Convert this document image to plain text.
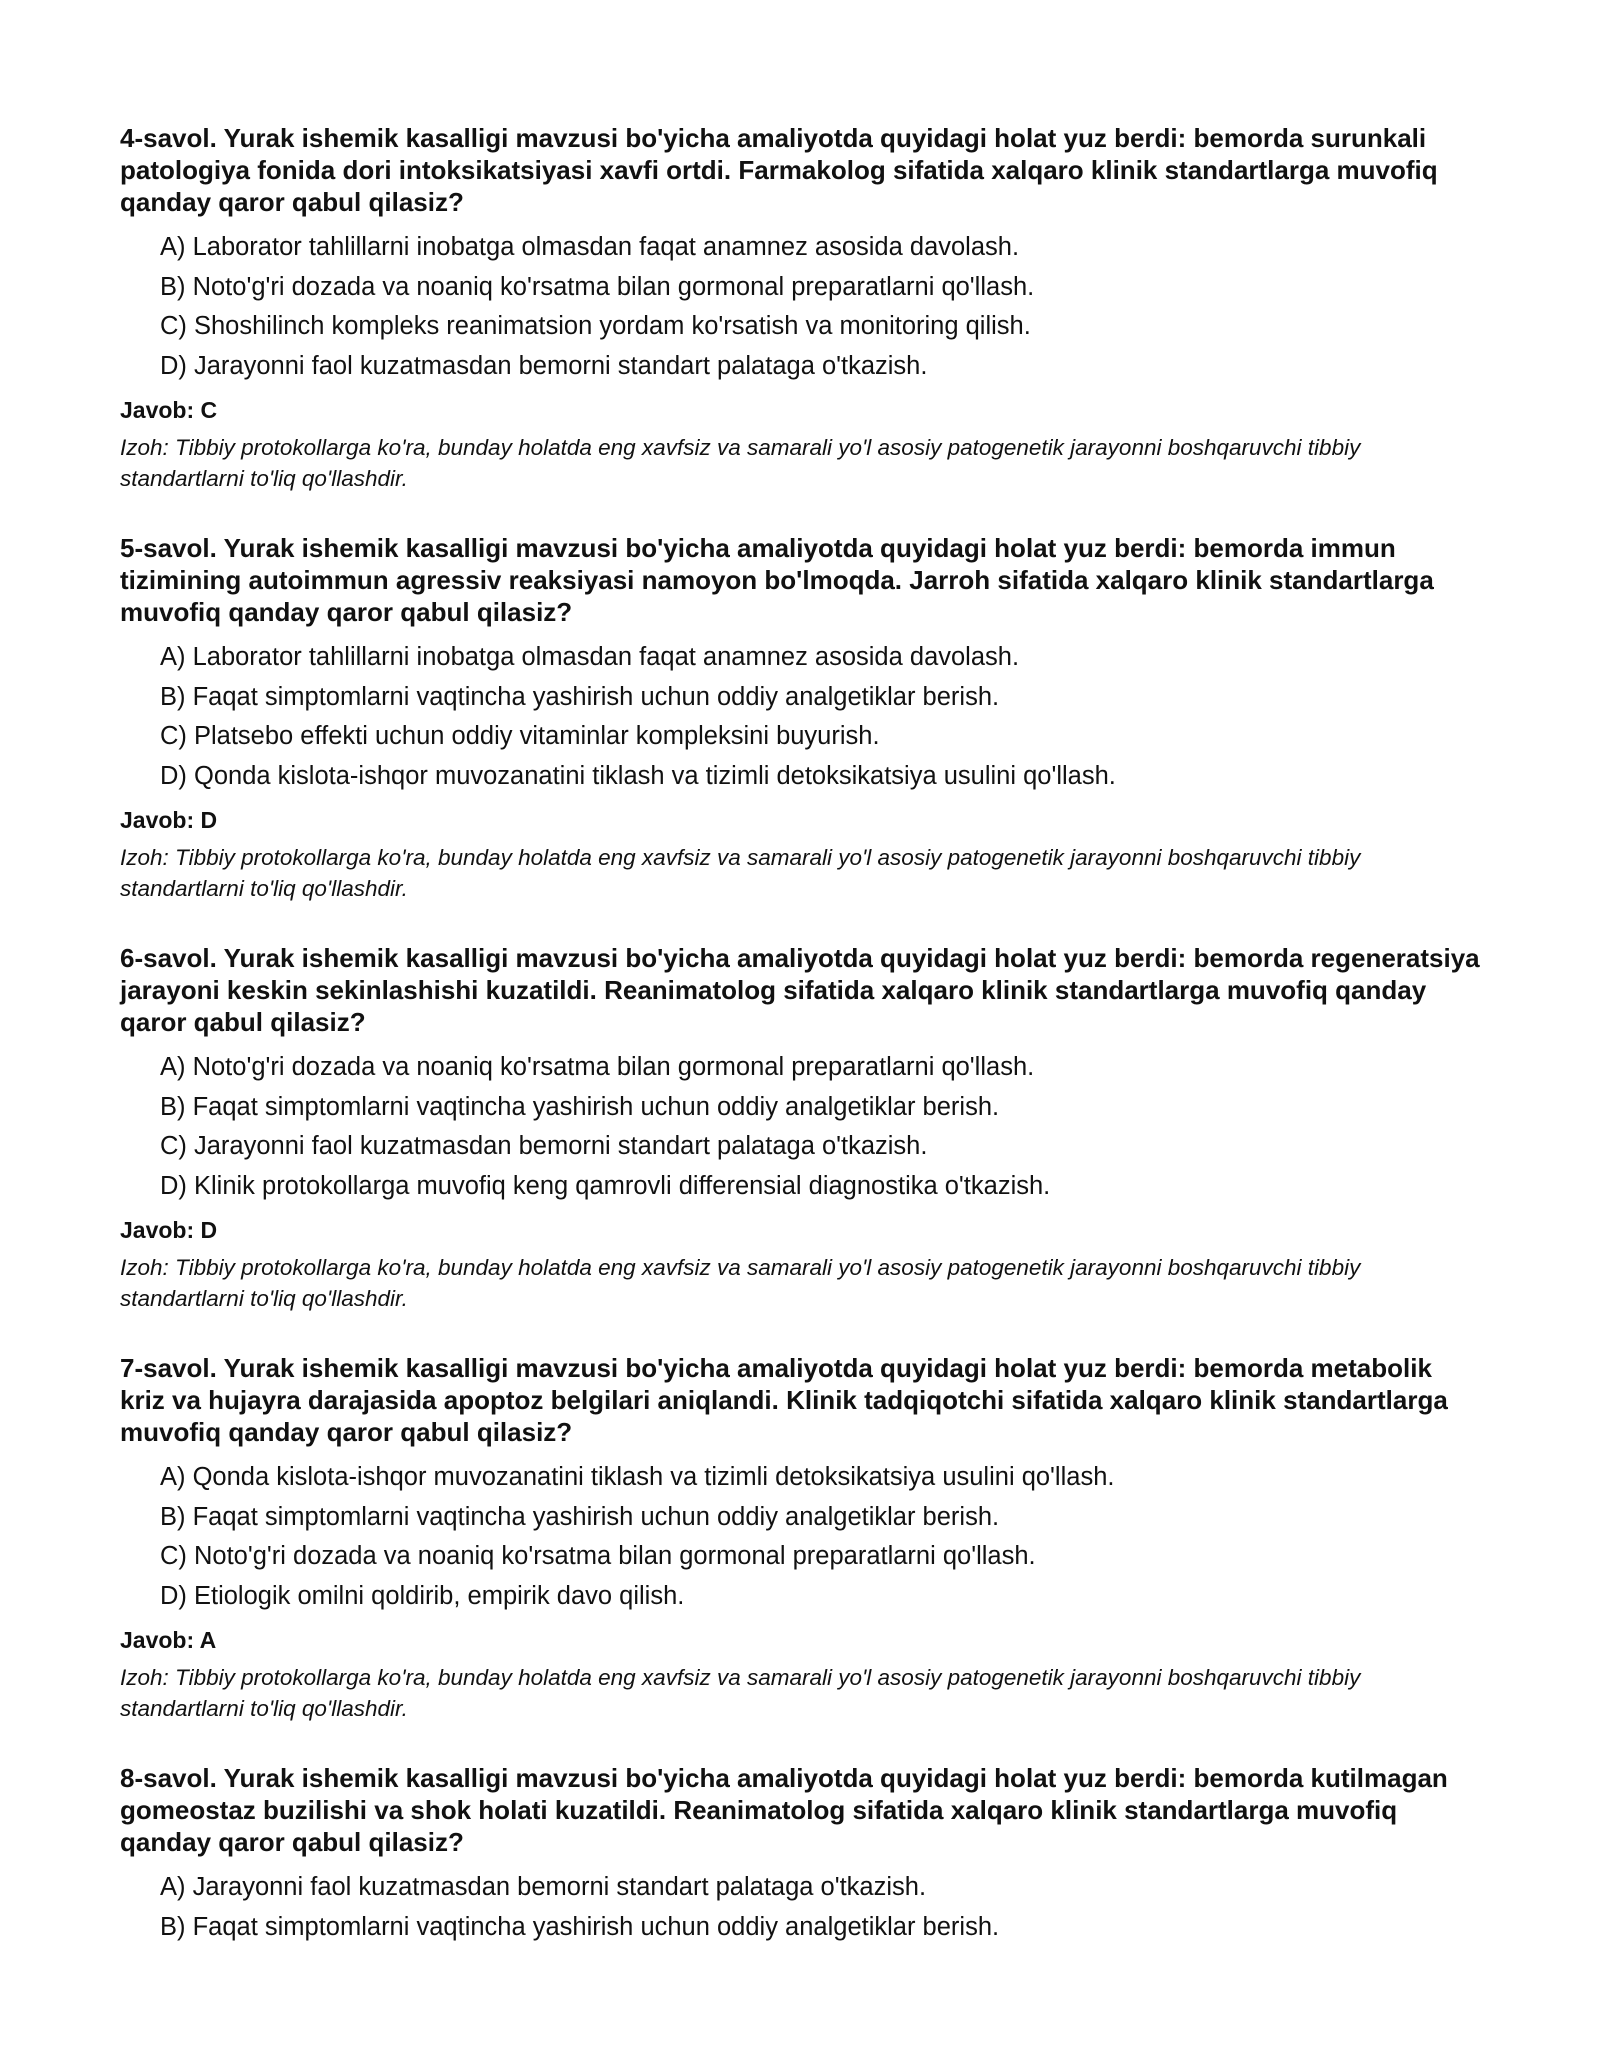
4-savol. Yurak ishemik kasalligi mavzusi bo'yicha amaliyotda quyidagi holat yuz berdi: bemorda surunkali patologiya fonida dori intoksikatsiyasi xavfi ortdi. Farmakolog sifatida xalqaro klinik standartlarga muvofiq qanday qaror qabul qilasiz?
A) Laborator tahlillarni inobatga olmasdan faqat anamnez asosida davolash.
B) Noto'g'ri dozada va noaniq ko'rsatma bilan gormonal preparatlarni qo'llash.
C) Shoshilinch kompleks reanimatsion yordam ko'rsatish va monitoring qilish.
D) Jarayonni faol kuzatmasdan bemorni standart palataga o'tkazish.
Javob: C
Izoh: Tibbiy protokollarga ko'ra, bunday holatda eng xavfsiz va samarali yo'l asosiy patogenetik jarayonni boshqaruvchi tibbiy standartlarni to'liq qo'llashdir.
5-savol. Yurak ishemik kasalligi mavzusi bo'yicha amaliyotda quyidagi holat yuz berdi: bemorda immun tizimining autoimmun agressiv reaksiyasi namoyon bo'lmoqda. Jarroh sifatida xalqaro klinik standartlarga muvofiq qanday qaror qabul qilasiz?
A) Laborator tahlillarni inobatga olmasdan faqat anamnez asosida davolash.
B) Faqat simptomlarni vaqtincha yashirish uchun oddiy analgetiklar berish.
C) Platsebo effekti uchun oddiy vitaminlar kompleksini buyurish.
D) Qonda kislota-ishqor muvozanatini tiklash va tizimli detoksikatsiya usulini qo'llash.
Javob: D
Izoh: Tibbiy protokollarga ko'ra, bunday holatda eng xavfsiz va samarali yo'l asosiy patogenetik jarayonni boshqaruvchi tibbiy standartlarni to'liq qo'llashdir.
6-savol. Yurak ishemik kasalligi mavzusi bo'yicha amaliyotda quyidagi holat yuz berdi: bemorda regeneratsiya jarayoni keskin sekinlashishi kuzatildi. Reanimatolog sifatida xalqaro klinik standartlarga muvofiq qanday qaror qabul qilasiz?
A) Noto'g'ri dozada va noaniq ko'rsatma bilan gormonal preparatlarni qo'llash.
B) Faqat simptomlarni vaqtincha yashirish uchun oddiy analgetiklar berish.
C) Jarayonni faol kuzatmasdan bemorni standart palataga o'tkazish.
D) Klinik protokollarga muvofiq keng qamrovli differensial diagnostika o'tkazish.
Javob: D
Izoh: Tibbiy protokollarga ko'ra, bunday holatda eng xavfsiz va samarali yo'l asosiy patogenetik jarayonni boshqaruvchi tibbiy standartlarni to'liq qo'llashdir.
7-savol. Yurak ishemik kasalligi mavzusi bo'yicha amaliyotda quyidagi holat yuz berdi: bemorda metabolik kriz va hujayra darajasida apoptoz belgilari aniqlandi. Klinik tadqiqotchi sifatida xalqaro klinik standartlarga muvofiq qanday qaror qabul qilasiz?
A) Qonda kislota-ishqor muvozanatini tiklash va tizimli detoksikatsiya usulini qo'llash.
B) Faqat simptomlarni vaqtincha yashirish uchun oddiy analgetiklar berish.
C) Noto'g'ri dozada va noaniq ko'rsatma bilan gormonal preparatlarni qo'llash.
D) Etiologik omilni qoldirib, empirik davo qilish.
Javob: A
Izoh: Tibbiy protokollarga ko'ra, bunday holatda eng xavfsiz va samarali yo'l asosiy patogenetik jarayonni boshqaruvchi tibbiy standartlarni to'liq qo'llashdir.
8-savol. Yurak ishemik kasalligi mavzusi bo'yicha amaliyotda quyidagi holat yuz berdi: bemorda kutilmagan gomeostaz buzilishi va shok holati kuzatildi. Reanimatolog sifatida xalqaro klinik standartlarga muvofiq qanday qaror qabul qilasiz?
A) Jarayonni faol kuzatmasdan bemorni standart palataga o'tkazish.
B) Faqat simptomlarni vaqtincha yashirish uchun oddiy analgetiklar berish.
